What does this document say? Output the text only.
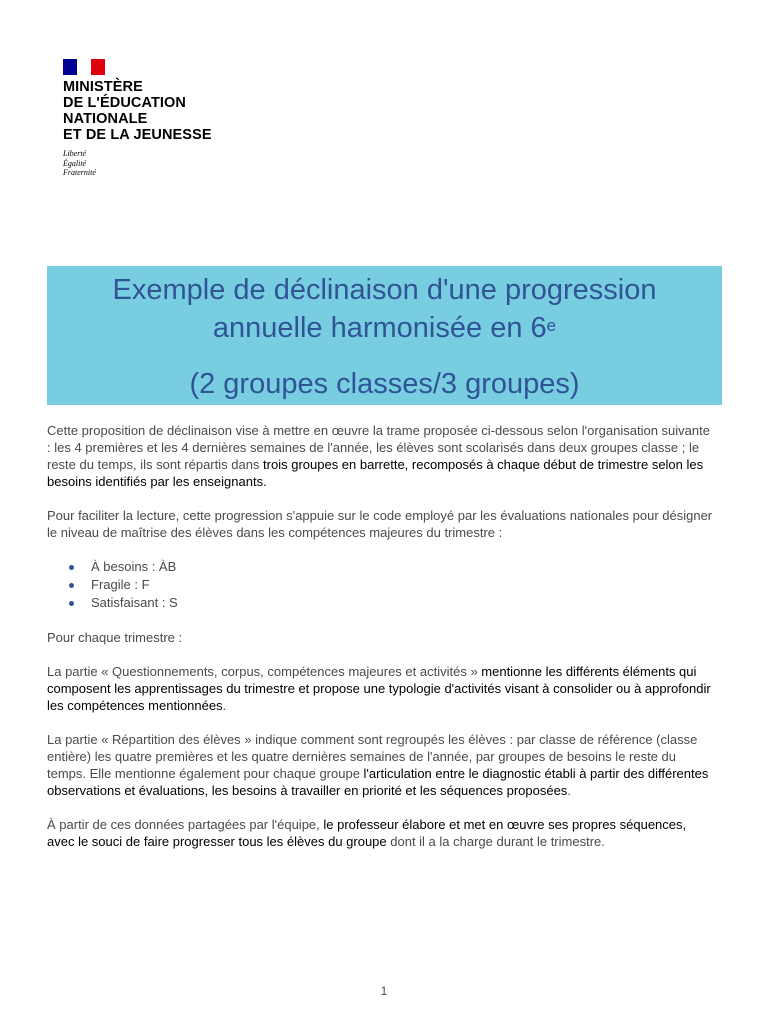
MINISTÈRE
DE L'ÉDUCATION
NATIONALE
ET DE LA JEUNESSE
Liberté
Égalité
Fraternité
Exemple de déclinaison d'une progression
annuelle harmonisée en 6e
(2 groupes classes/3 groupes)

Cette proposition de déclinaison vise à mettre en œuvre la trame proposée ci-dessous selon l'organisation suivante : les 4 premières et les 4 dernières semaines de l'année, les élèves sont scolarisés dans deux groupes classe ; le reste du temps, ils sont répartis dans trois groupes en barrette, recomposés à chaque début de trimestre selon les besoins identifiés par les enseignants.

Pour faciliter la lecture, cette progression s'appuie sur le code employé par les évaluations nationales pour désigner le niveau de maîtrise des élèves dans les compétences majeures du trimestre :

À besoins : ÀB
Fragile : F
Satisfaisant : S

Pour chaque trimestre :

La partie « Questionnements, corpus, compétences majeures et activités » mentionne les différents éléments qui composent les apprentissages du trimestre et propose une typologie d'activités visant à consolider ou à approfondir les compétences mentionnées.

La partie « Répartition des élèves » indique comment sont regroupés les élèves : par classe de référence (classe entière) les quatre premières et les quatre dernières semaines de l'année, par groupes de besoins le reste du temps. Elle mentionne également pour chaque groupe l'articulation entre le diagnostic établi à partir des différentes observations et évaluations, les besoins à travailler en priorité et les séquences proposées.

À partir de ces données partagées par l'équipe, le professeur élabore et met en œuvre ses propres séquences, avec le souci de faire progresser tous les élèves du groupe dont il a la charge durant le trimestre.

1
